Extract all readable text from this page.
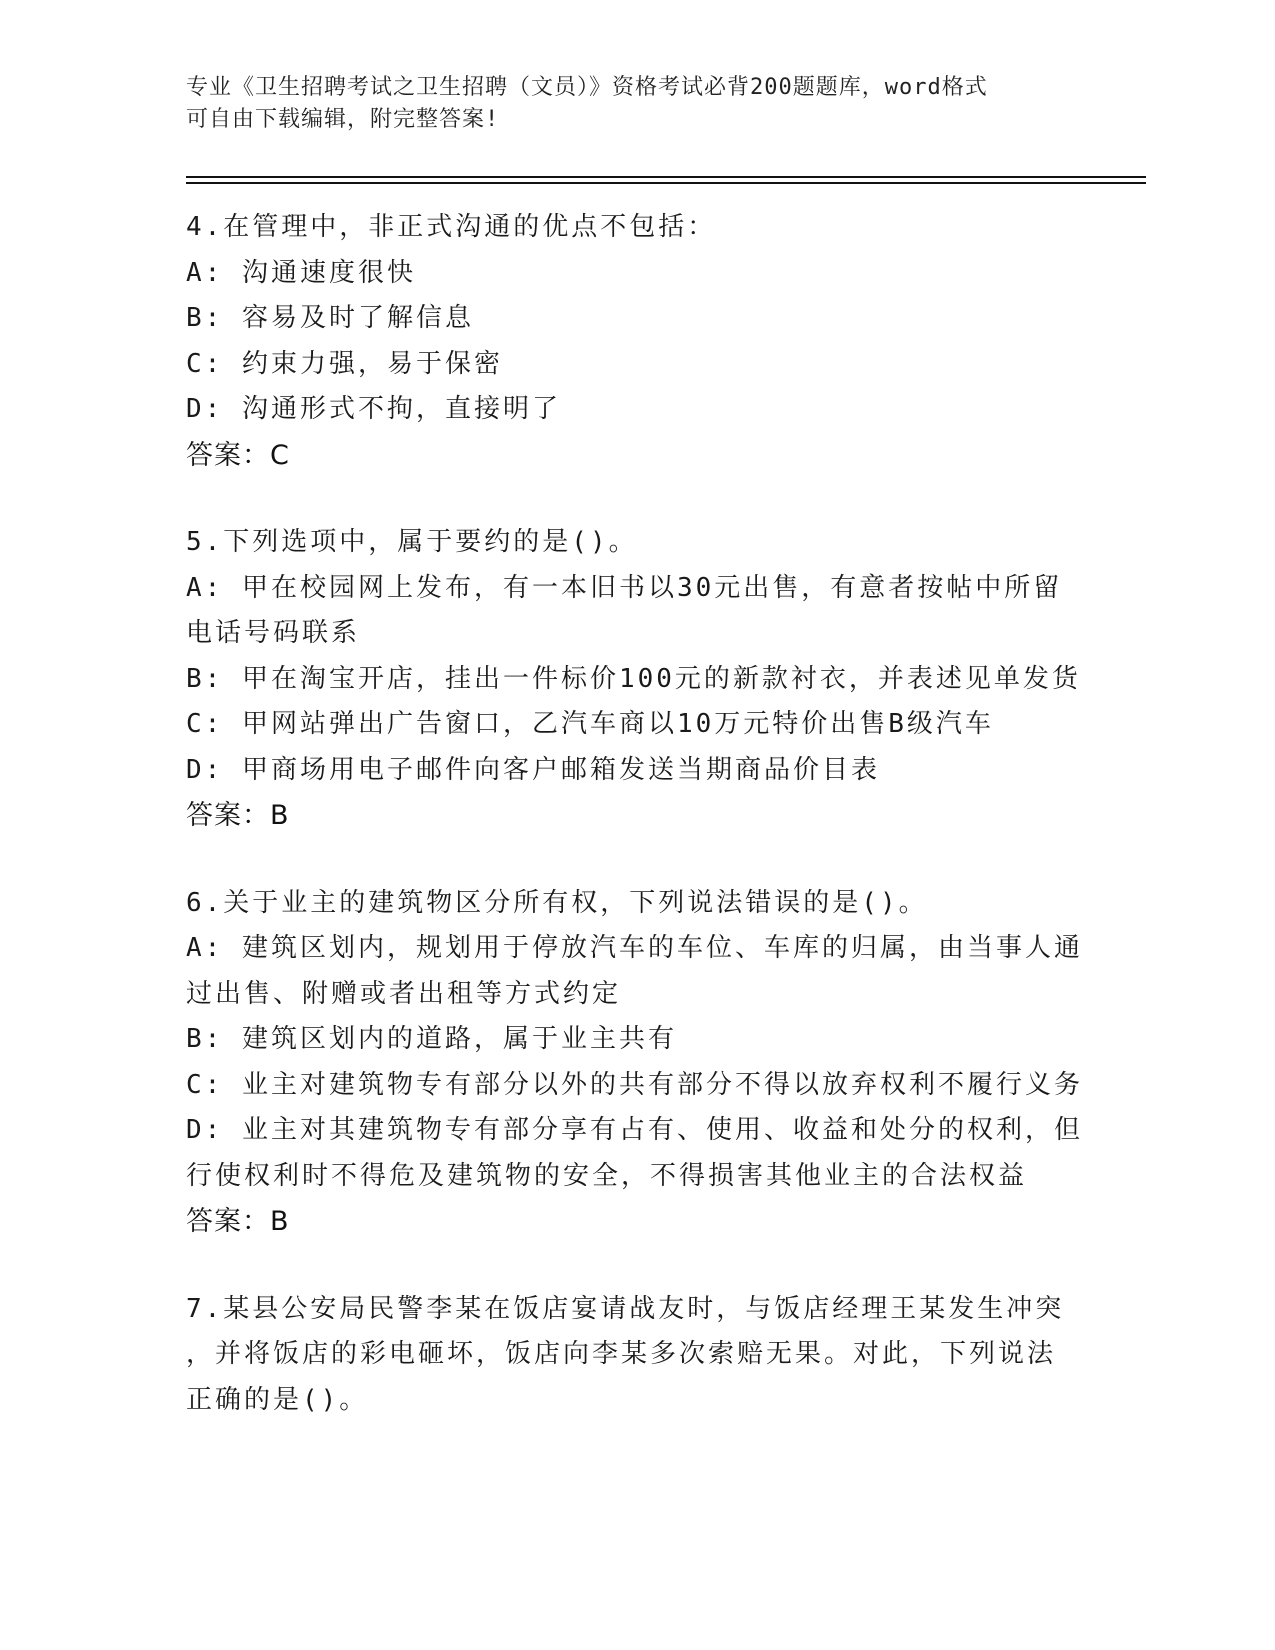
专业《卫生招聘考试之卫生招聘（文员）》资格考试必背200题题库，word格式
可自由下载编辑，附完整答案!
4.在管理中，非正式沟通的优点不包括：
A: 沟通速度很快
B: 容易及时了解信息
C: 约束力强，易于保密
D: 沟通形式不拘，直接明了
答案：C
5.下列选项中，属于要约的是()。
A: 甲在校园网上发布，有一本旧书以30元出售，有意者按帖中所留
电话号码联系
B: 甲在淘宝开店，挂出一件标价100元的新款衬衣，并表述见单发货
C: 甲网站弹出广告窗口，乙汽车商以10万元特价出售B级汽车
D: 甲商场用电子邮件向客户邮箱发送当期商品价目表
答案：B
6.关于业主的建筑物区分所有权，下列说法错误的是()。
A: 建筑区划内，规划用于停放汽车的车位、车库的归属，由当事人通
过出售、附赠或者出租等方式约定
B: 建筑区划内的道路，属于业主共有
C: 业主对建筑物专有部分以外的共有部分不得以放弃权利不履行义务
D: 业主对其建筑物专有部分享有占有、使用、收益和处分的权利，但
行使权利时不得危及建筑物的安全，不得损害其他业主的合法权益
答案：B
7.某县公安局民警李某在饭店宴请战友时，与饭店经理王某发生冲突
，并将饭店的彩电砸坏，饭店向李某多次索赔无果。对此，下列说法
正确的是()。
